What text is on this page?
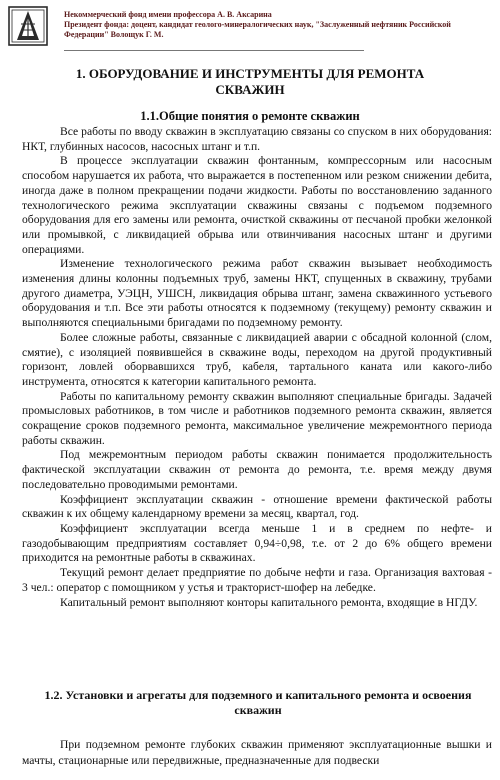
Некоммерческий фонд имени профессора А. В. Аксарина
Президент фонда: доцент, кандидат геолого-минералогических наук, "Заслуженный нефтяник Российской
Федерации" Волощук Г. М.
1. ОБОРУДОВАНИЕ И ИНСТРУМЕНТЫ ДЛЯ РЕМОНТА СКВАЖИН
1.1.Общие понятия о ремонте скважин

Все работы по вводу скважин в эксплуатацию связаны со спуском в них оборудования: НКТ, глубинных насосов, насосных штанг и т.п.

В процессе эксплуатации скважин фонтанным, компрессорным или насосным способом нарушается их работа, что выражается в постепенном или резком снижении дебита, иногда даже в полном прекращении подачи жидкости. Работы по восстановлению заданного технологического режима эксплуатации скважины связаны с подъемом подземного оборудования для его замены или ремонта, очисткой скважины от песчаной пробки желонкой или промывкой, с ликвидацией обрыва или отвинчивания насосных штанг и другими операциями.

Изменение технологического режима работ скважин вызывает необходимость изменения длины колонны подъемных труб, замены НКТ, спущенных в скважину, трубами другого диаметра, УЭЦН, УШСН, ликвидация обрыва штанг, замена скважинного устьевого оборудования и т.п. Все эти работы относятся к подземному (текущему) ремонту скважин и выполняются специальными бригадами по подземному ремонту.

Более сложные работы, связанные с ликвидацией аварии с обсадной колонной (слом, смятие), с изоляцией появившейся в скважине воды, переходом на другой продуктивный горизонт, ловлей оборвавшихся труб, кабеля, тартального каната или какого-либо инструмента, относятся к категории капитального ремонта.

Работы по капитальному ремонту скважин выполняют специальные бригады. Задачей промысловых работников, в том числе и работников подземного ремонта скважин, является сокращение сроков подземного ремонта, максимальное увеличение межремонтного периода работы скважин.

Под межремонтным периодом работы скважин понимается продолжительность фактической эксплуатации скважин от ремонта до ремонта, т.е. время между двумя последовательно проводимыми ремонтами.

Коэффициент эксплуатации скважин - отношение времени фактической работы скважин к их общему календарному времени за месяц, квартал, год.

Коэффициент эксплуатации всегда меньше 1 и в среднем по нефте- и газодобывающим предприятиям составляет 0,94÷0,98, т.е. от 2 до 6% общего времени приходится на ремонтные работы в скважинах.

Текущий ремонт делает предприятие по добыче нефти и газа. Организация вахтовая - 3 чел.: оператор с помощником у устья и тракторист-шофер на лебедке.

Капитальный ремонт выполняют конторы капитального ремонта, входящие в НГДУ.

1.2. Установки и агрегаты для подземного и капитального ремонта и освоения скважин

При подземном ремонте глубоких скважин применяют эксплуатационные вышки и мачты, стационарные или передвижные, предназначенные для подвески
